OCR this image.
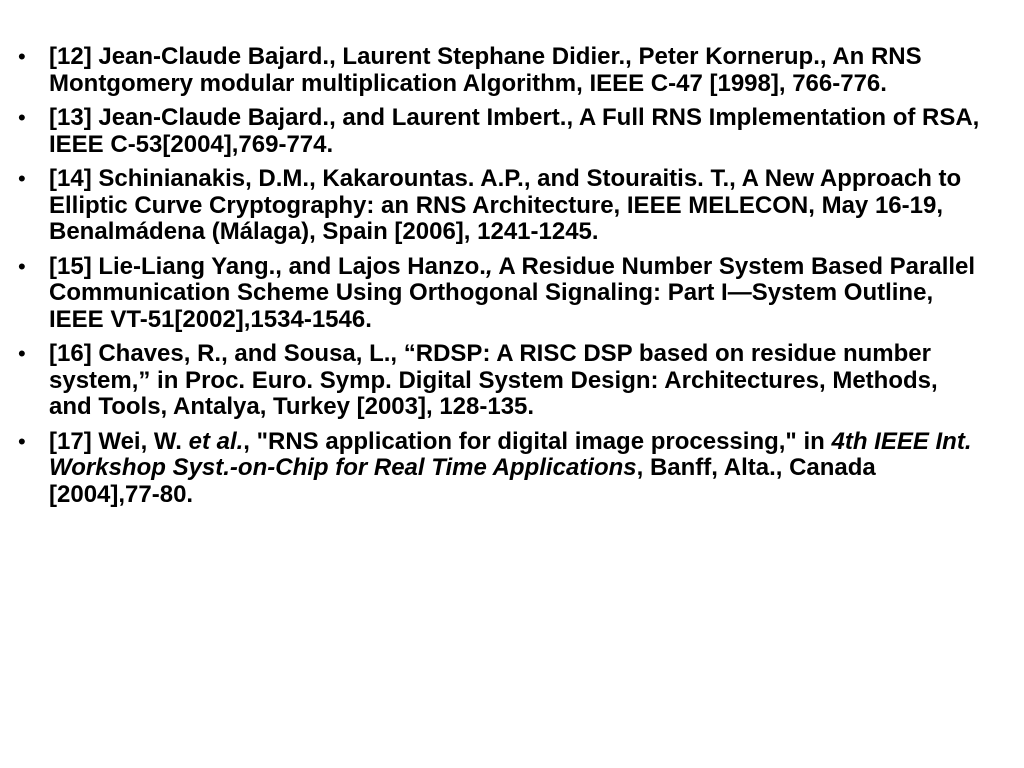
• [12] Jean-Claude Bajard., Laurent Stephane Didier., Peter Kornerup., An RNS Montgomery modular multiplication Algorithm, IEEE C-47 [1998], 766-776.
• [13] Jean-Claude Bajard., and Laurent Imbert., A Full RNS Implementation of RSA, IEEE C-53[2004],769-774.
• [14] Schinianakis, D.M., Kakarountas. A.P., and Stouraitis. T., A New Approach to Elliptic Curve Cryptography: an RNS Architecture, IEEE MELECON, May 16-19, Benalmádena (Málaga), Spain [2006], 1241-1245.
• [15] Lie-Liang Yang., and Lajos Hanzo., A Residue Number System Based Parallel Communication Scheme Using Orthogonal Signaling: Part I—System Outline, IEEE VT-51[2002],1534-1546.
• [16] Chaves, R., and Sousa, L., “RDSP: A RISC DSP based on residue number system,” in Proc. Euro. Symp. Digital System Design: Architectures, Methods, and Tools, Antalya, Turkey [2003], 128-135.
• [17] Wei, W. et al., "RNS application for digital image processing," in 4th IEEE Int. Workshop Syst.-on-Chip for Real Time Applications, Banff, Alta., Canada [2004],77-80.
